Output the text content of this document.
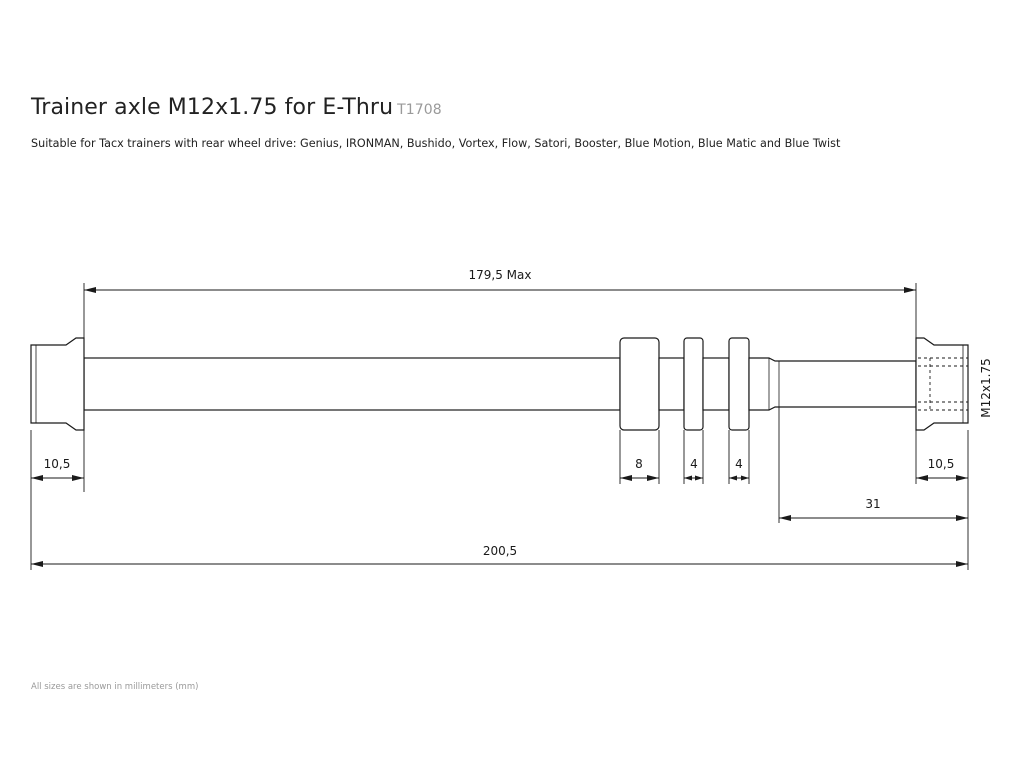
Trainer axle M12x1.75 for E-Thru T1708
Suitable for Tacx trainers with rear wheel drive: Genius, IRONMAN, Bushido, Vortex, Flow, Satori, Booster, Blue Motion, Blue Matic and Blue Twist
179,5 Max
10,5	8	4	4	10,5
31
200,5
M12x1.75
All sizes are shown in millimeters (mm)
